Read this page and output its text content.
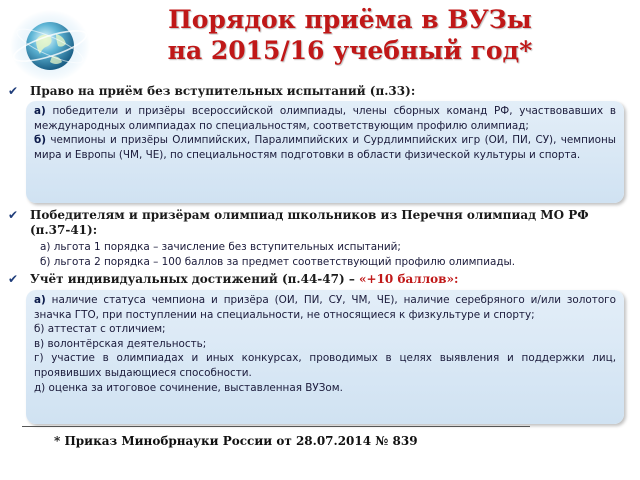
Порядок приёма в ВУЗы
на 2015/16 учебный год*
✔ Право на приём без вступительных испытаний (п.33):

а) победители и призёры всероссийской олимпиады, члены сборных команд РФ, участвовавших в международных олимпиадах по специальностям, соответствующим профилю олимпиад;

б) чемпионы и призёры Олимпийских, Паралимпийских и Сурдлимпийских игр (ОИ, ПИ, СУ), чемпионы мира и Европы (ЧМ, ЧЕ), по специальностям подготовки в области физической культуры и спорта.

✔ Победителям и призёрам олимпиад школьников из Перечня олимпиад МО РФ
(п.37-41):

а) льгота 1 порядка – зачисление без вступительных испытаний;

б) льгота 2 порядка – 100 баллов за предмет соответствующий профилю олимпиады.

✔ Учёт индивидуальных достижений (п.44-47) – «+10 баллов»:

а) наличие статуса чемпиона и призёра (ОИ, ПИ, СУ, ЧМ, ЧЕ), наличие серебряного и/или золотого значка ГТО, при поступлении на специальности, не относящиеся к физкультуре и спорту;

б) аттестат с отличием;

в) волонтёрская деятельность;

г) участие в олимпиадах и иных конкурсах, проводимых в целях выявления и поддержки лиц, проявивших выдающиеся способности.

д) оценка за итоговое сочинение, выставленная ВУЗом.

* Приказ Минобрнауки России от 28.07.2014 № 839
